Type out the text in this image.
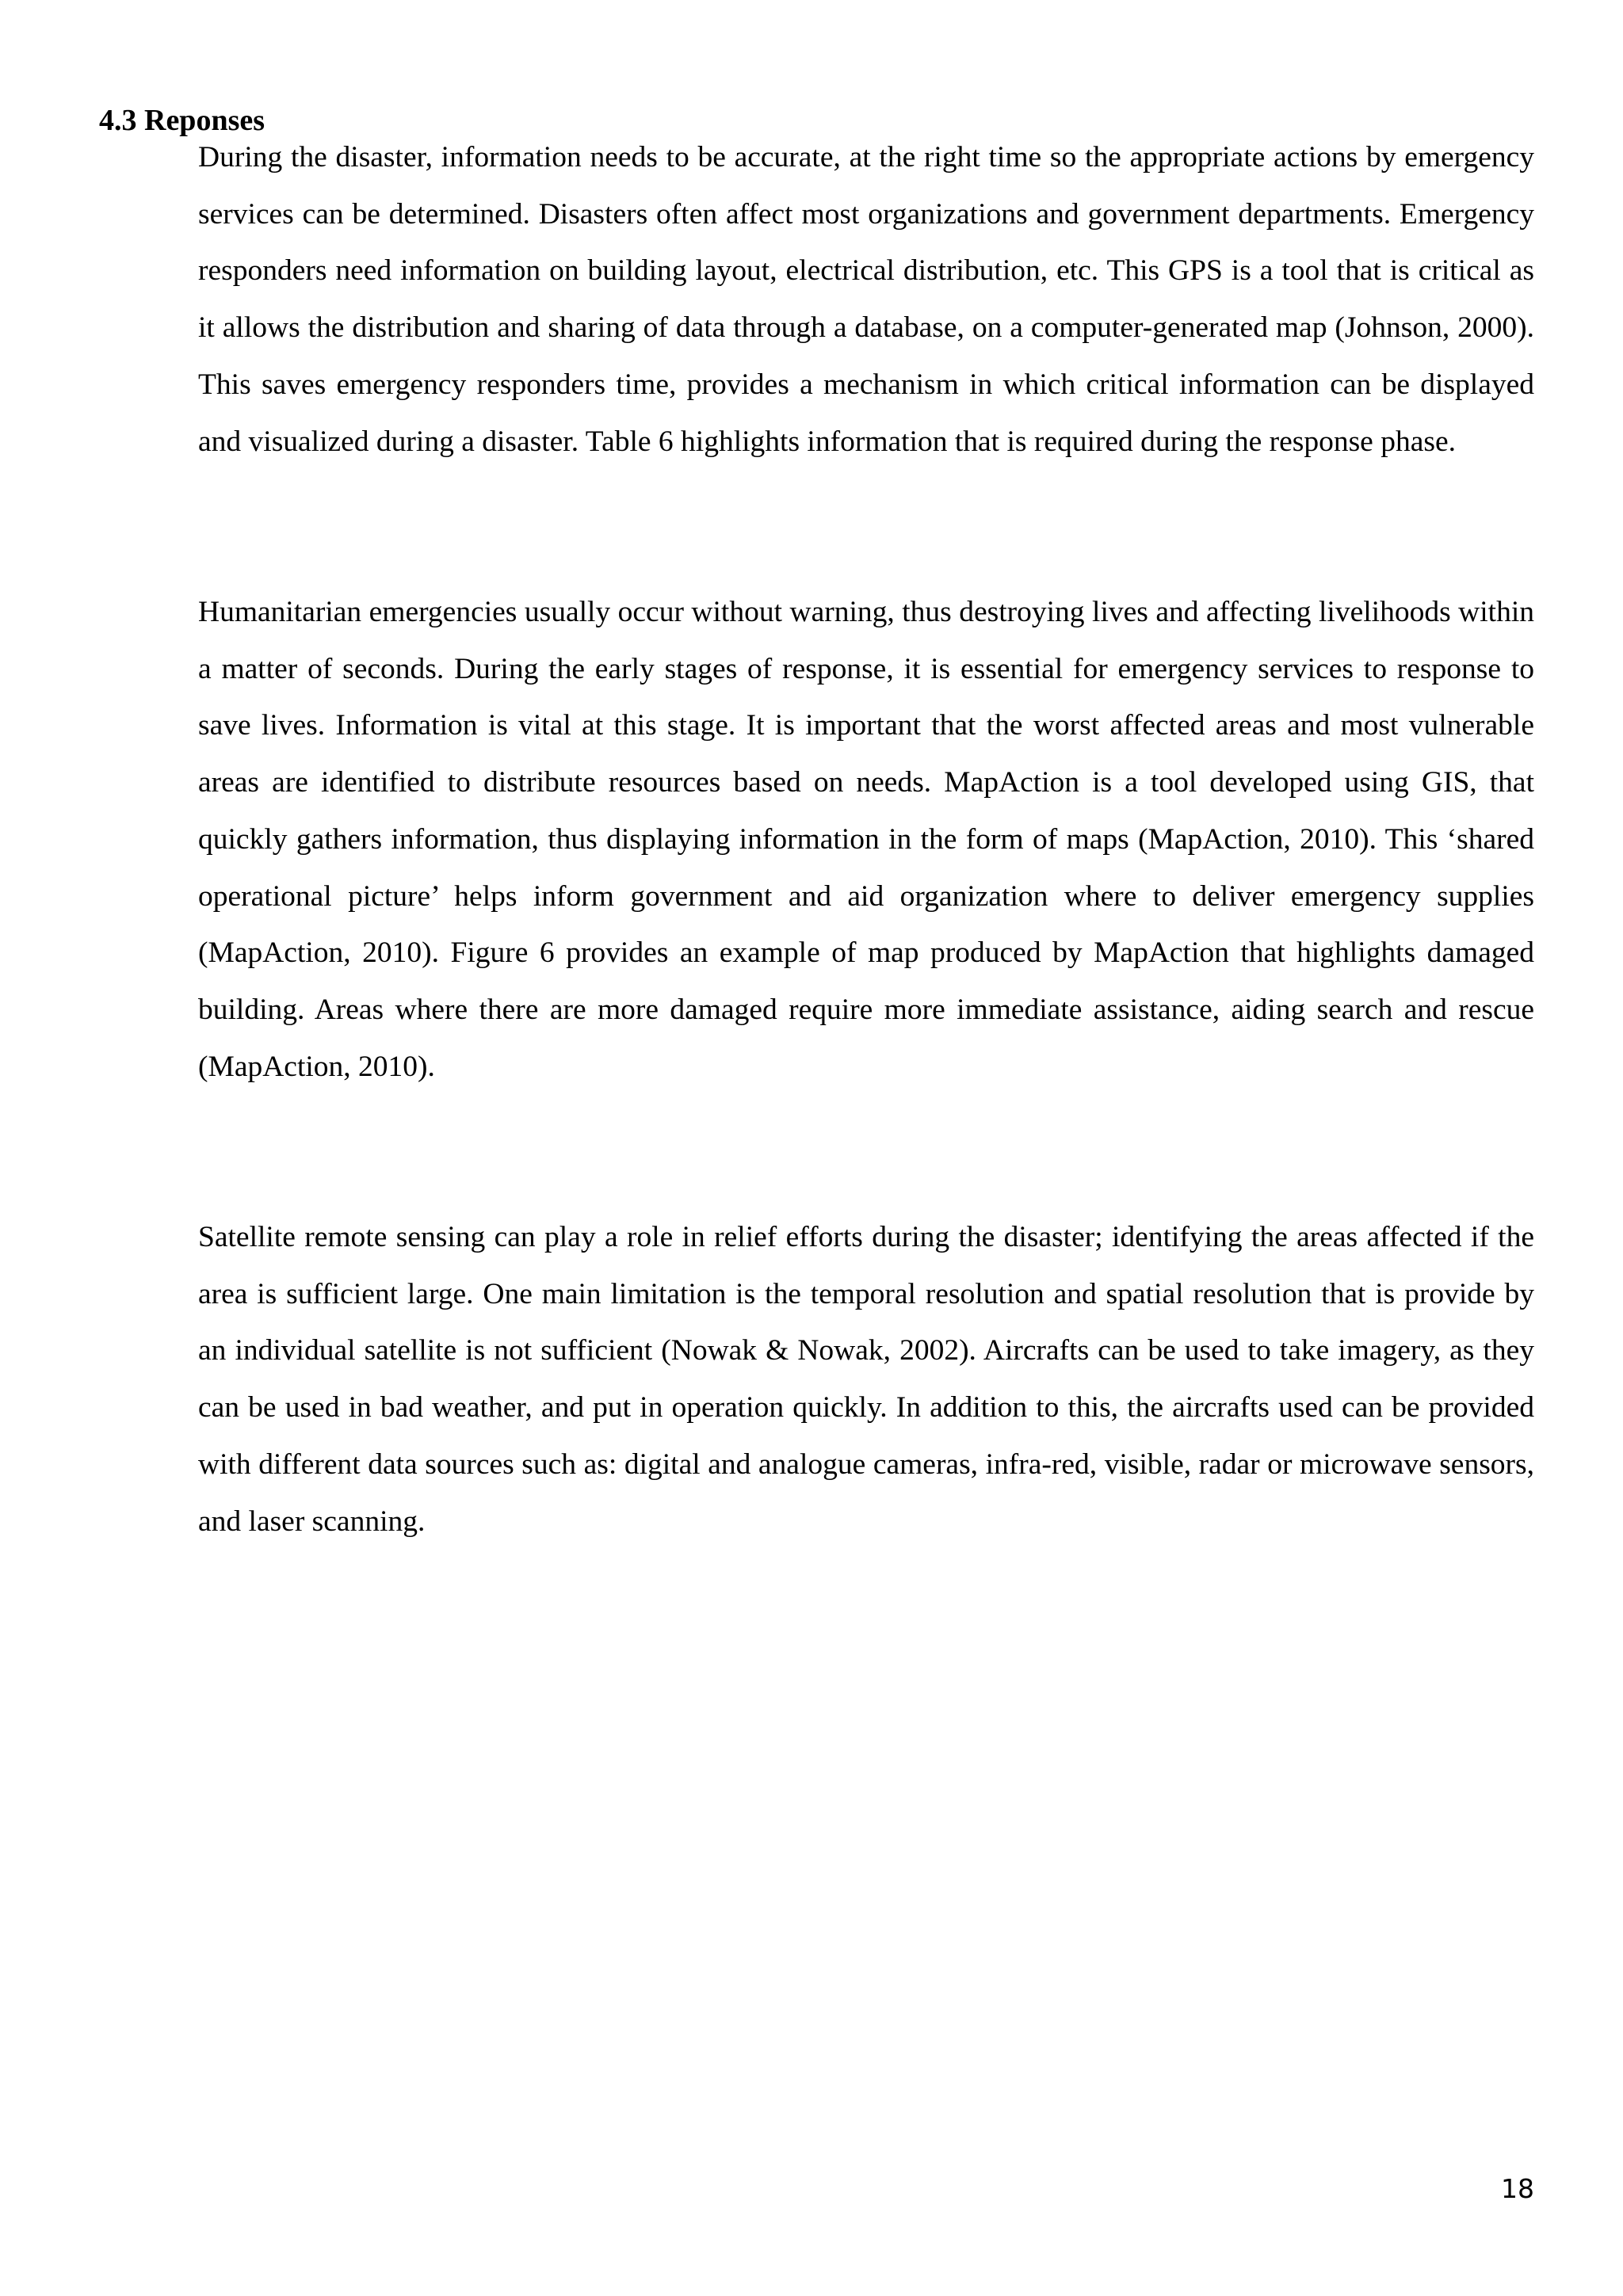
4.3 Reponses

During the disaster, information needs to be accurate, at the right time so the appropriate actions by emergency services can be determined. Disasters often affect most organizations and government departments. Emergency responders need information on building layout, electrical distribution, etc. This GPS is a tool that is critical as it allows the distribution and sharing of data through a database, on a computer-generated map (Johnson, 2000). This saves emergency responders time, provides a mechanism in which critical information can be displayed and visualized during a disaster. Table 6 highlights information that is required during the response phase.

Humanitarian emergencies usually occur without warning, thus destroying lives and affecting livelihoods within a matter of seconds. During the early stages of response, it is essential for emergency services to response to save lives. Information is vital at this stage. It is important that the worst affected areas and most vulnerable areas are identified to distribute resources based on needs. MapAction is a tool developed using GIS, that quickly gathers information, thus displaying information in the form of maps (MapAction, 2010). This ‘shared operational picture’ helps inform government and aid organization where to deliver emergency supplies (MapAction, 2010). Figure 6 provides an example of map produced by MapAction that highlights damaged building. Areas where there are more damaged require more immediate assistance, aiding search and rescue (MapAction, 2010).

Satellite remote sensing can play a role in relief efforts during the disaster; identifying the areas affected if the area is sufficient large. One main limitation is the temporal resolution and spatial resolution that is provide by an individual satellite is not sufficient (Nowak & Nowak, 2002). Aircrafts can be used to take imagery, as they can be used in bad weather, and put in operation quickly. In addition to this, the aircrafts used can be provided with different data sources such as: digital and analogue cameras, infra-red, visible, radar or microwave sensors, and laser scanning.

18
